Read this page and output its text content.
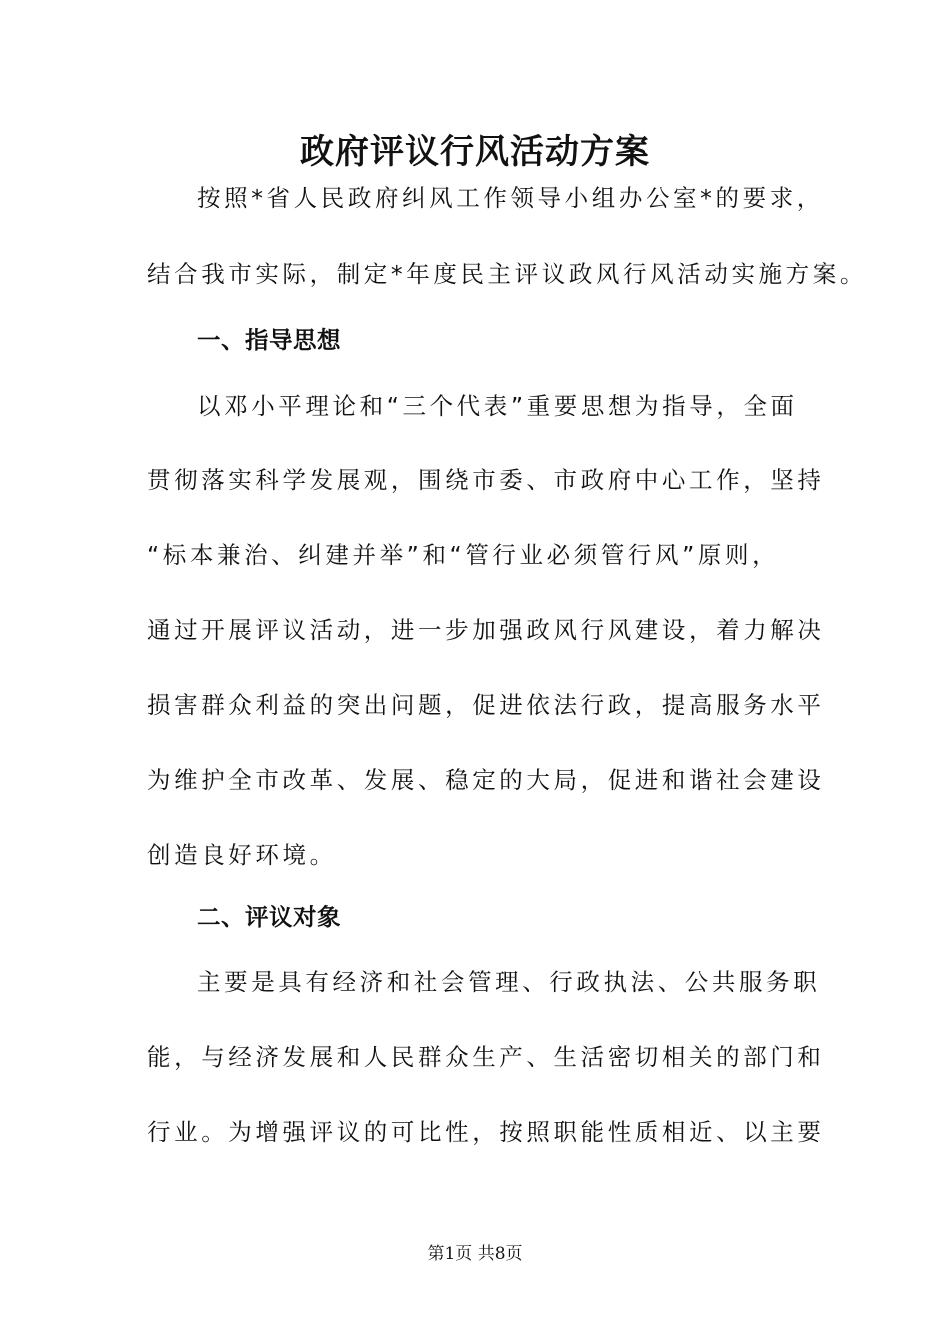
政府评议行风活动方案
按照*省人民政府纠风工作领导小组办公室*的要求，
结合我市实际，制定*年度民主评议政风行风活动实施方案。
一、指导思想
以邓小平理论和“三个代表”重要思想为指导，全面
贯彻落实科学发展观，围绕市委、市政府中心工作，坚持
“标本兼治、纠建并举”和“管行业必须管行风”原则，
通过开展评议活动，进一步加强政风行风建设，着力解决
损害群众利益的突出问题，促进依法行政，提高服务水平
为维护全市改革、发展、稳定的大局，促进和谐社会建设
创造良好环境。
二、评议对象
主要是具有经济和社会管理、行政执法、公共服务职
能，与经济发展和人民群众生产、生活密切相关的部门和
行业。为增强评议的可比性，按照职能性质相近、以主要
第1页 共8页
